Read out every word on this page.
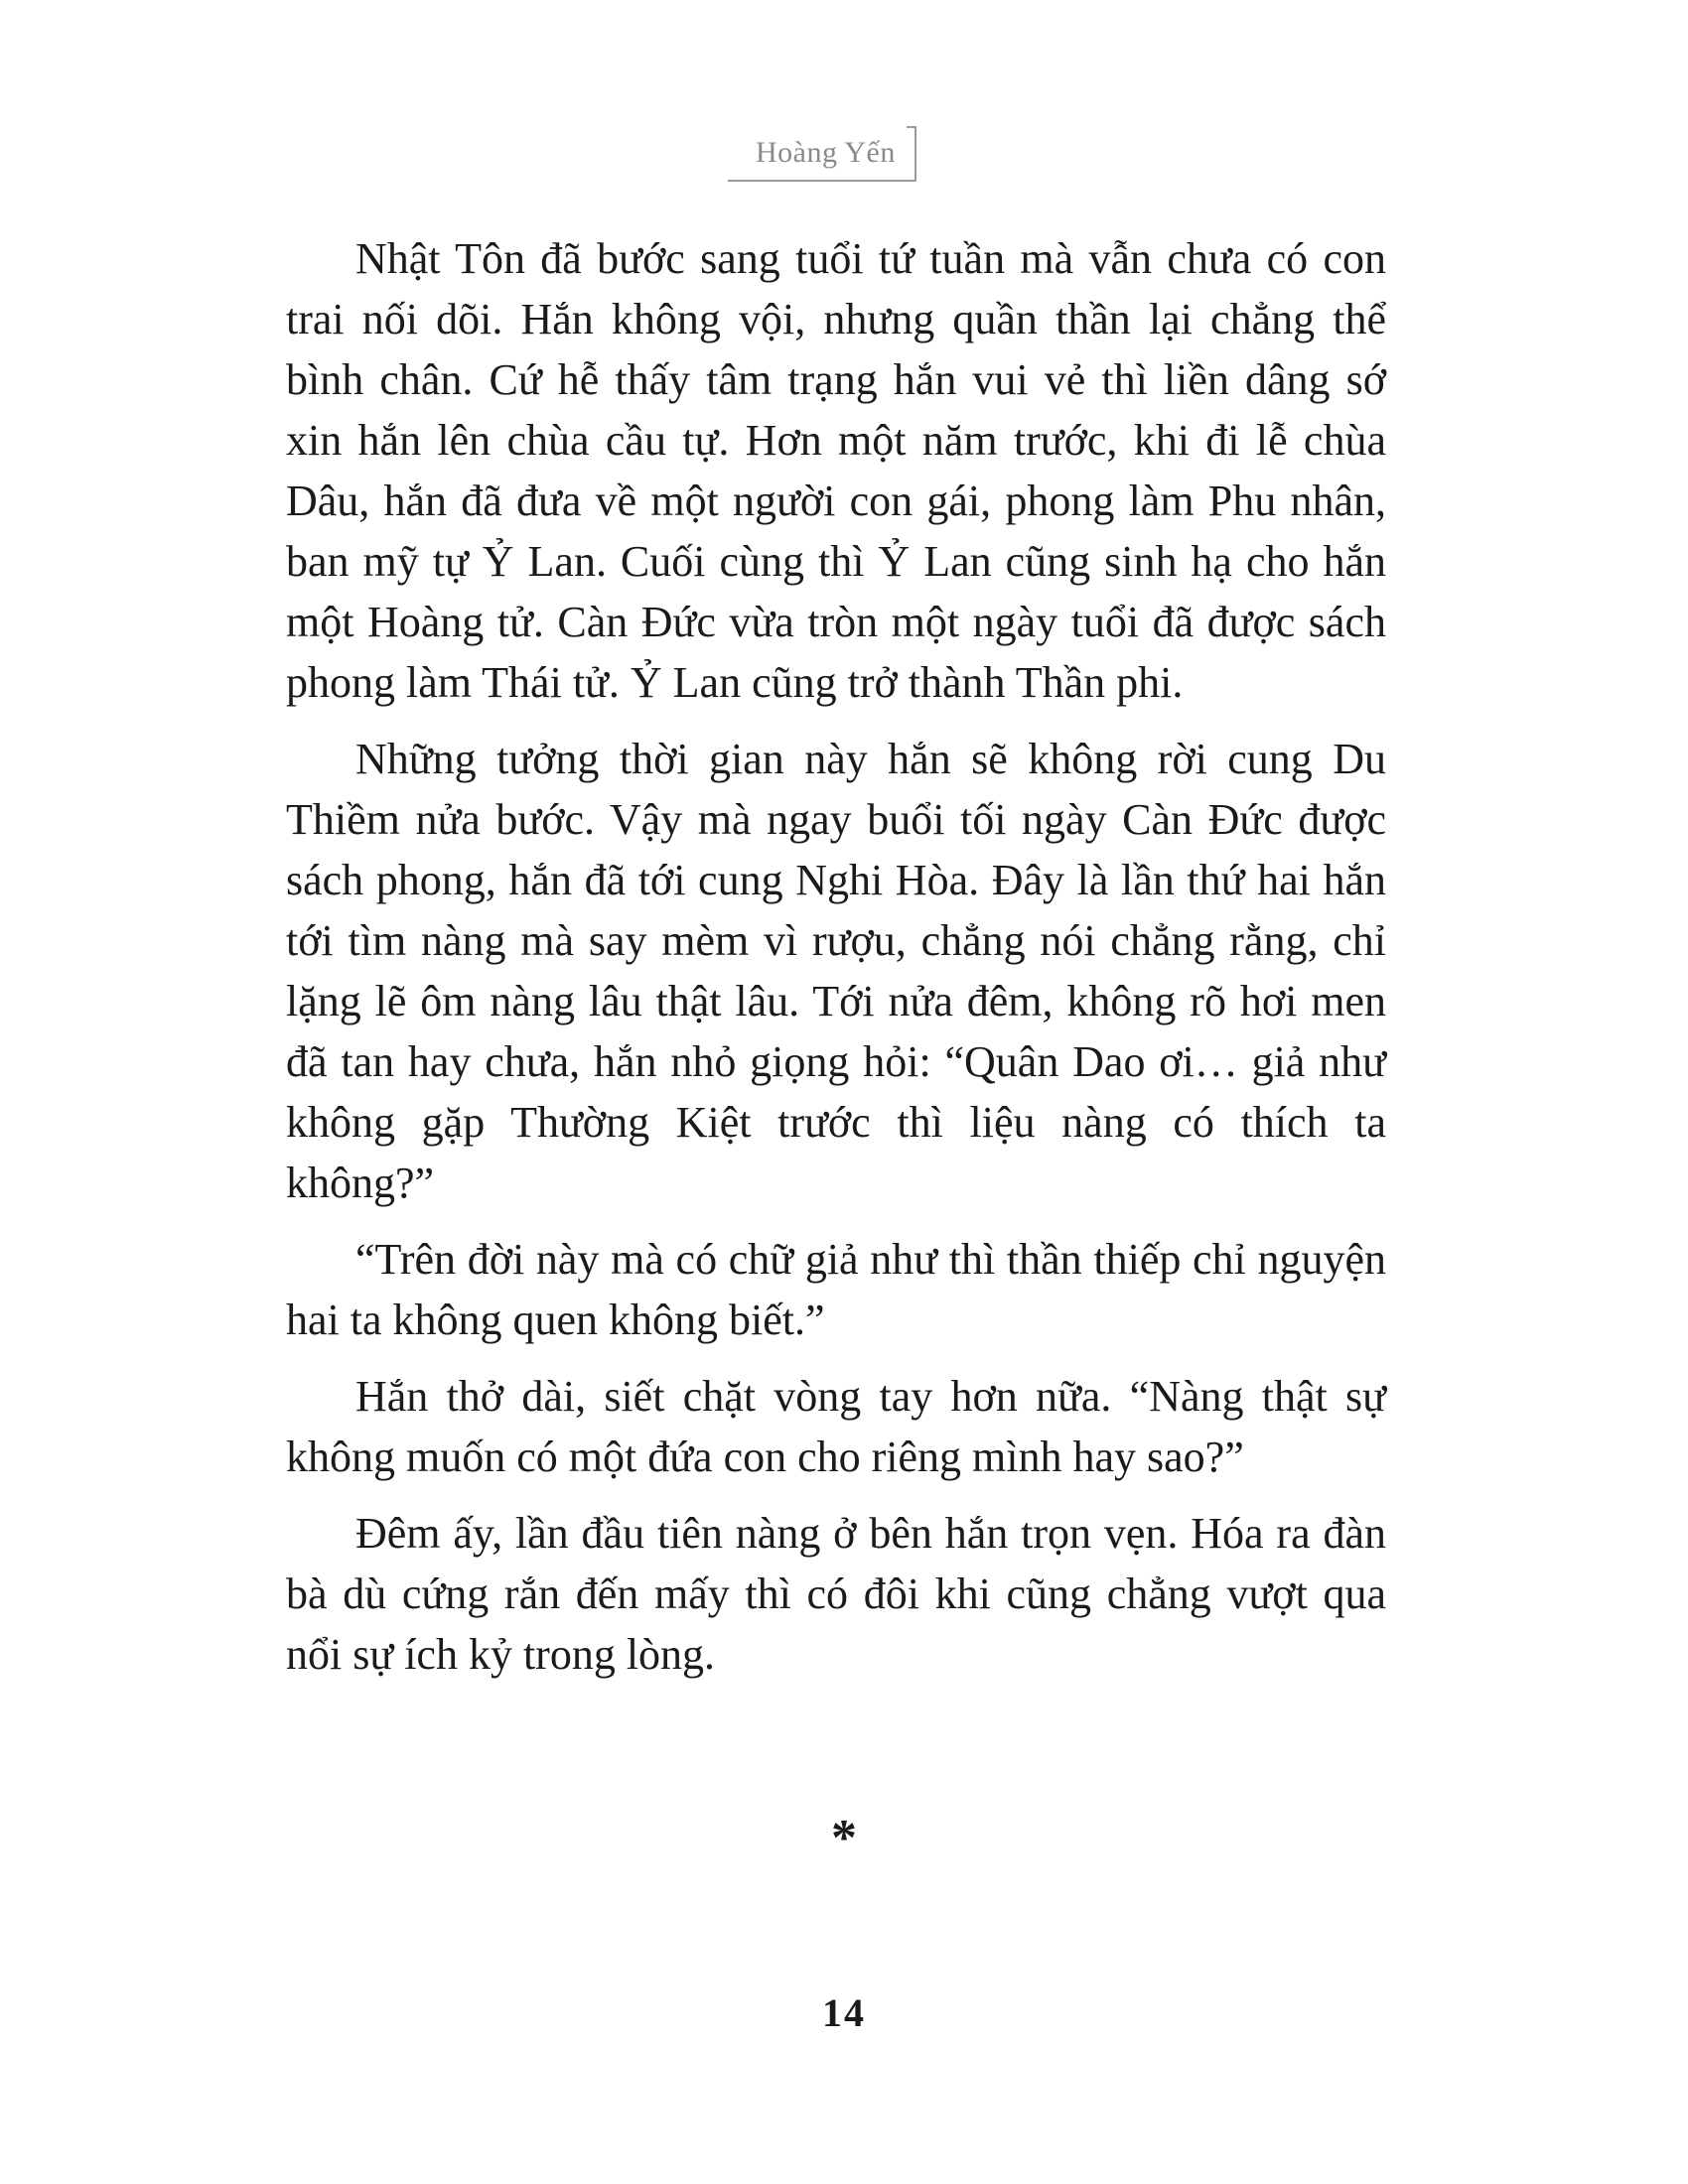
Hoàng Yến

Nhật Tôn đã bước sang tuổi tứ tuần mà vẫn chưa có con trai nối dõi. Hắn không vội, nhưng quần thần lại chẳng thể bình chân. Cứ hễ thấy tâm trạng hắn vui vẻ thì liền dâng sớ xin hắn lên chùa cầu tự. Hơn một năm trước, khi đi lễ chùa Dâu, hắn đã đưa về một người con gái, phong làm Phu nhân, ban mỹ tự Ỷ Lan. Cuối cùng thì Ỷ Lan cũng sinh hạ cho hắn một Hoàng tử. Càn Đức vừa tròn một ngày tuổi đã được sách phong làm Thái tử. Ỷ Lan cũng trở thành Thần phi.

Những tưởng thời gian này hắn sẽ không rời cung Du Thiềm nửa bước. Vậy mà ngay buổi tối ngày Càn Đức được sách phong, hắn đã tới cung Nghi Hòa. Đây là lần thứ hai hắn tới tìm nàng mà say mèm vì rượu, chẳng nói chẳng rằng, chỉ lặng lẽ ôm nàng lâu thật lâu. Tới nửa đêm, không rõ hơi men đã tan hay chưa, hắn nhỏ giọng hỏi: “Quân Dao ơi… giả như không gặp Thường Kiệt trước thì liệu nàng có thích ta không?”

“Trên đời này mà có chữ giả như thì thần thiếp chỉ nguyện hai ta không quen không biết.”

Hắn thở dài, siết chặt vòng tay hơn nữa. “Nàng thật sự không muốn có một đứa con cho riêng mình hay sao?”

Đêm ấy, lần đầu tiên nàng ở bên hắn trọn vẹn. Hóa ra đàn bà dù cứng rắn đến mấy thì có đôi khi cũng chẳng vượt qua nổi sự ích kỷ trong lòng.

*
14
